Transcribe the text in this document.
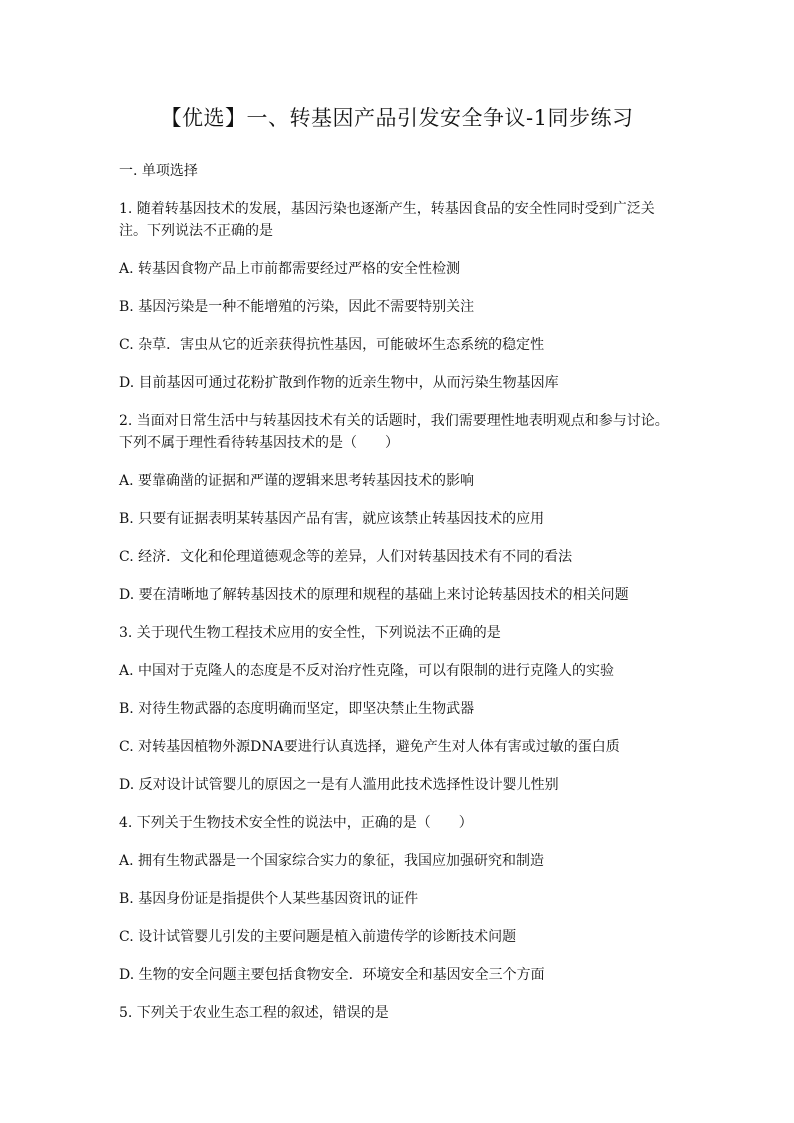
【优选】一、转基因产品引发安全争议-1同步练习

一. 单项选择

1. 随着转基因技术的发展，基因污染也逐渐产生，转基因食品的安全性同时受到广泛关注。下列说法不正确的是

A. 转基因食物产品上市前都需要经过严格的安全性检测

B. 基因污染是一种不能增殖的污染，因此不需要特别关注

C. 杂草．害虫从它的近亲获得抗性基因，可能破坏生态系统的稳定性

D. 目前基因可通过花粉扩散到作物的近亲生物中，从而污染生物基因库

2. 当面对日常生活中与转基因技术有关的话题时，我们需要理性地表明观点和参与讨论。下列不属于理性看待转基因技术的是（　　）

A. 要靠确凿的证据和严谨的逻辑来思考转基因技术的影响

B. 只要有证据表明某转基因产品有害，就应该禁止转基因技术的应用

C. 经济．文化和伦理道德观念等的差异，人们对转基因技术有不同的看法

D. 要在清晰地了解转基因技术的原理和规程的基础上来讨论转基因技术的相关问题

3. 关于现代生物工程技术应用的安全性，下列说法不正确的是

A. 中国对于克隆人的态度是不反对治疗性克隆，可以有限制的进行克隆人的实验

B. 对待生物武器的态度明确而坚定，即坚决禁止生物武器

C. 对转基因植物外源DNA要进行认真选择，避免产生对人体有害或过敏的蛋白质

D. 反对设计试管婴儿的原因之一是有人滥用此技术选择性设计婴儿性别

4. 下列关于生物技术安全性的说法中，正确的是（　　）

A. 拥有生物武器是一个国家综合实力的象征，我国应加强研究和制造

B. 基因身份证是指提供个人某些基因资讯的证件

C. 设计试管婴儿引发的主要问题是植入前遗传学的诊断技术问题

D. 生物的安全问题主要包括食物安全．环境安全和基因安全三个方面

5. 下列关于农业生态工程的叙述，错误的是
